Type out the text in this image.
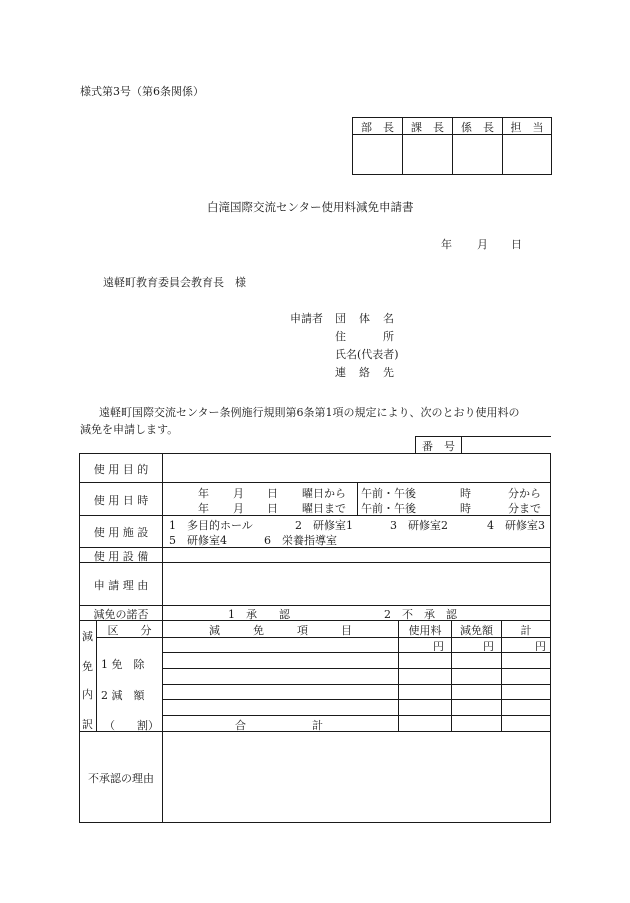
様式第3号（第6条関係）
部　長	課　長	係　長	担　当
白滝国際交流センター使用料減免申請書
年 月 日
遠軽町教育委員会教育長　様
申請者 団　体　名
住　　　所
氏名(代表者)
連　絡　先
遠軽町国際交流センター条例施行規則第6条第1項の規定により、次のとおり使用料の
減免を申請します。
番　号
使 用 目 的
使 用 日 時
年 月 日 曜日から 午前・午後	時	分から
年 月 日 曜日まで 午前・午後	時	分まで
使 用 施 設
1　多目的ホール	2　研修室1	3　研修室2	4　研修室3
5　研修室4	6　栄養指導室
使 用 設 備
申 請 理 由
減免の諾否	1　承　　認	2　不　承　認
減
免
内
訳
区　　分	減　　　免　　　項　　　目	使用料	減免額	計
円	円	円
1 免　除
2 減　額
（　　割）	合　　　　　　計
不承認の理由
